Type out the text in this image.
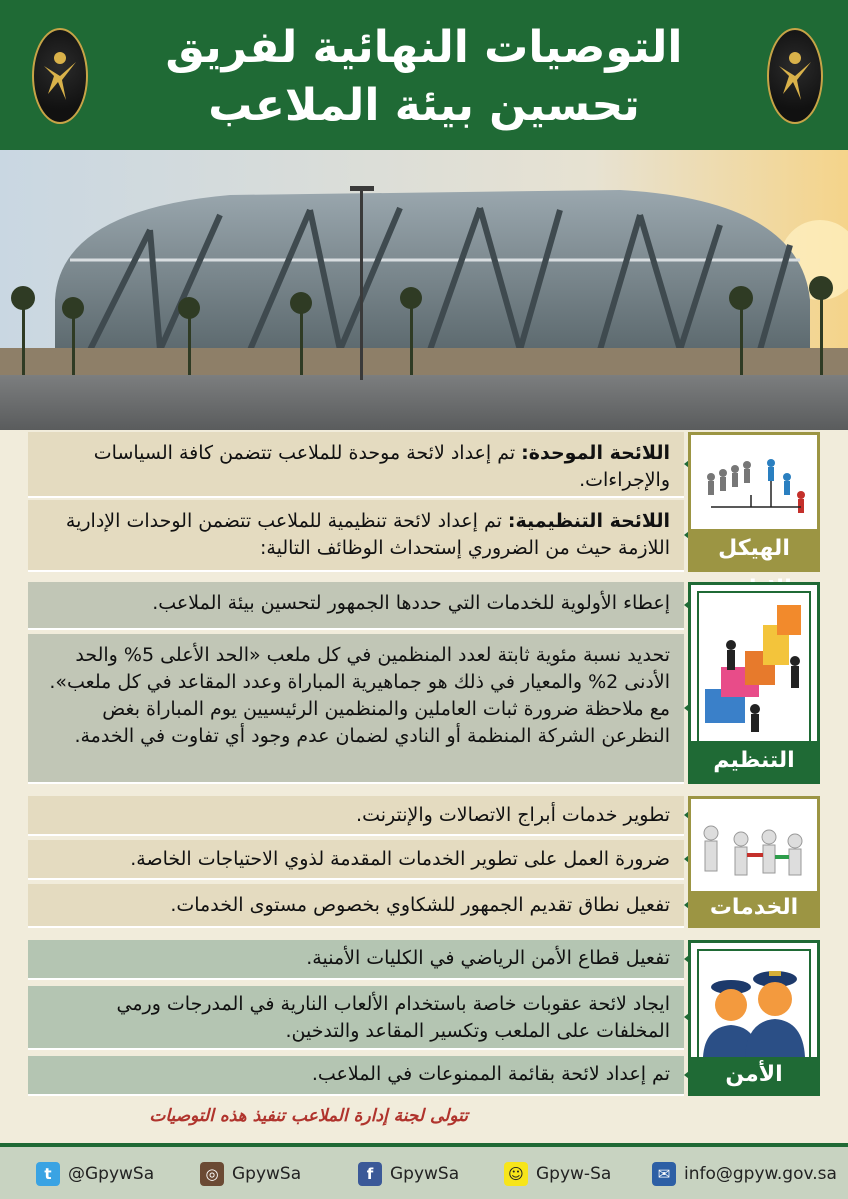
التوصيات النهائية لفريق
تحسين بيئة الملاعب
اللائحة الموحدة: تم إعداد لائحة موحدة للملاعب تتضمن كافة السياسات والإجراءات.
اللائحة التنظيمية: تم إعداد لائحة تنظيمية للملاعب تتضمن الوحدات الإدارية اللازمة حيث من الضروري إستحداث الوظائف التالية:	الهيكل
إعطاء الأولوية للخدمات التي حددها الجمهور لتحسين بيئة الملاعب.
تحديد نسبة مئوية ثابتة لعدد المنظمين في كل ملعب «الحد الأعلى 5% والحد الأدنى 2% والمعيار في ذلك هو جماهيرية المباراة وعدد المقاعد في كل ملعب». مع ملاحظة ضرورة ثبات العاملين والمنظمين الرئيسيين يوم المباراة بغض النظرعن الشركة المنظمة أو النادي لضمان عدم وجود أي تفاوت في الخدمة.
التنظيم
تطوير خدمات أبراج الاتصالات والإنترنت.
ضرورة العمل على تطوير الخدمات المقدمة لذوي الاحتياجات الخاصة.
تفعيل نطاق تقديم الجمهور للشكاوي بخصوص مستوى الخدمات.	الخدمات
تفعيل قطاع الأمن الرياضي في الكليات الأمنية.
ايجاد لائحة عقوبات خاصة باستخدام الألعاب النارية في المدرجات ورمي المخلفات على الملعب وتكسير المقاعد والتدخين.
تم إعداد لائحة بقائمة الممنوعات في الملاعب.	الأمن
تتولى لجنة إدارة الملاعب تنفيذ هذه التوصيات
t @GpywSa	◎ GpywSa	f GpywSa	☺ Gpyw-Sa	✉ info@gpyw.gov.sa
